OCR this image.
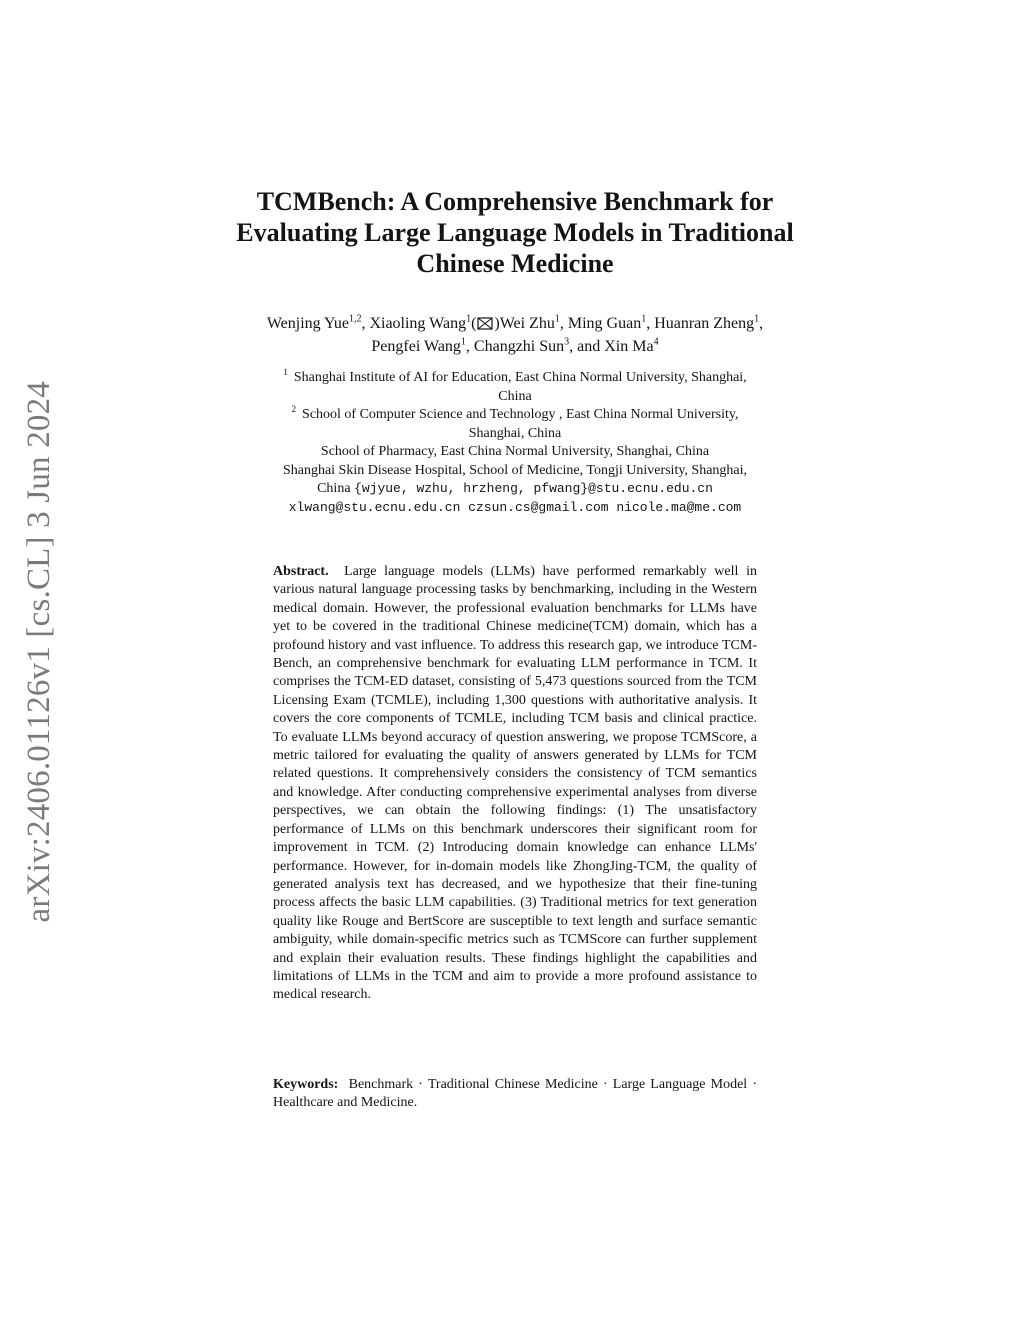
arXiv:2406.01126v1 [cs.CL] 3 Jun 2024
TCMBench: A Comprehensive Benchmark for
Evaluating Large Language Models in Traditional
Chinese Medicine
Wenjing Yue$^{1,2}$, Xiaoling Wang$^1$( )Wei Zhu$^1$, Ming Guan$^1$, Huanran Zheng$^1$,
Pengfei Wang$^1$, Changzhi Sun$^3$, and Xin Ma$^4$
$^1$ Shanghai Institute of AI for Education, East China Normal University, Shanghai,
China
$^2$ School of Computer Science and Technology , East China Normal University,
Shanghai, China
School of Pharmacy, East China Normal University, Shanghai, China
Shanghai Skin Disease Hospital, School of Medicine, Tongji University, Shanghai,
China {wjyue, wzhu, hrzheng, pfwang}@stu.ecnu.edu.cn
xlwang@stu.ecnu.edu.cn czsun.cs@gmail.com nicole.ma@me.com
Abstract. Large language models (LLMs) have performed remarkably well in various natural language processing tasks by benchmarking, including in the Western medical domain. However, the professional evaluation benchmarks for LLMs have yet to be covered in the traditional Chinese medicine(TCM) domain, which has a profound history and vast influence. To address this research gap, we introduce TCM-Bench, an comprehensive benchmark for evaluating LLM performance in TCM. It comprises the TCM-ED dataset, consisting of 5,473 questions sourced from the TCM Licensing Exam (TCMLE), including 1,300 questions with authoritative analysis. It covers the core components of TCMLE, including TCM basis and clinical practice. To evaluate LLMs beyond accuracy of question answering, we propose TCMScore, a metric tailored for evaluating the quality of answers generated by LLMs for TCM related questions. It comprehensively considers the consistency of TCM semantics and knowledge. After conducting comprehensive experimental analyses from diverse perspectives, we can obtain the following findings: (1) The unsatisfactory performance of LLMs on this benchmark underscores their significant room for improvement in TCM. (2) Introducing domain knowledge can enhance LLMs' performance. However, for in-domain models like ZhongJing-TCM, the quality of generated analysis text has decreased, and we hypothesize that their fine-tuning process affects the basic LLM capabilities. (3) Traditional metrics for text generation quality like Rouge and BertScore are susceptible to text length and surface semantic ambiguity, while domain-specific metrics such as TCMScore can further supplement and explain their evaluation results. These findings highlight the capabilities and limitations of LLMs in the TCM and aim to provide a more profound assistance to medical research.
Keywords: Benchmark · Traditional Chinese Medicine · Large Language Model · Healthcare and Medicine.
